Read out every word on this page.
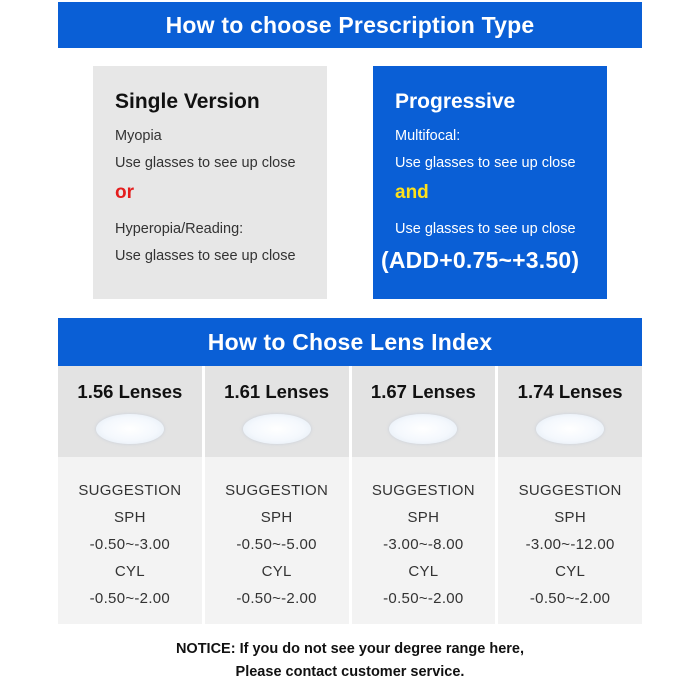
How to choose Prescription Type
Single Version
Myopia
Use glasses to see up close
or
Hyperopia/Reading:
Use glasses to see up close
Progressive
Multifocal:
Use glasses to see up close
and
Use glasses to see up close
(ADD+0.75~+3.50)
How to Chose Lens Index
1.56 Lenses
SUGGESTION
SPH
-0.50~-3.00
CYL
-0.50~-2.00
1.61 Lenses
SUGGESTION
SPH
-0.50~-5.00
CYL
-0.50~-2.00
1.67 Lenses
SUGGESTION
SPH
-3.00~-8.00
CYL
-0.50~-2.00
1.74 Lenses
SUGGESTION
SPH
-3.00~-12.00
CYL
-0.50~-2.00
NOTICE: If you do not see your degree range here,
Please contact customer service.
